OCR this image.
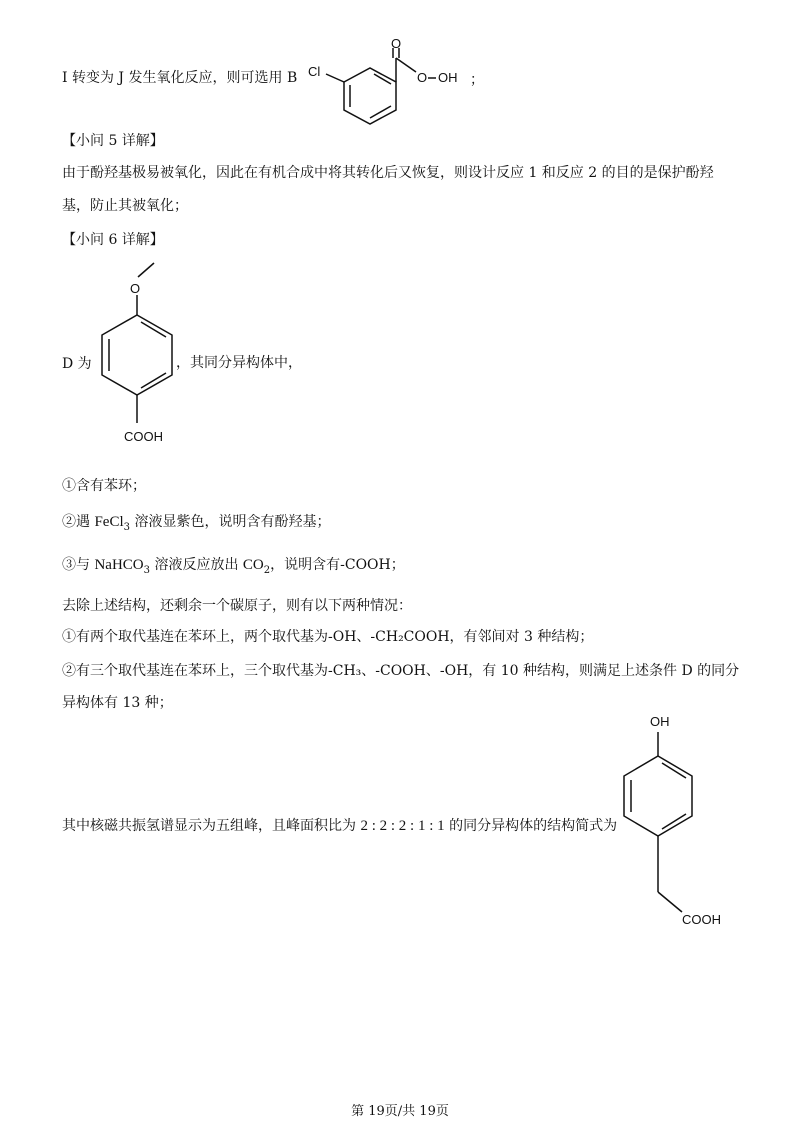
I 转变为 J 发生氧化反应，则可选用 B Cl
O
O OH ；
【小问 5 详解】
由于酚羟基极易被氧化，因此在有机合成中将其转化后又恢复，则设计反应 1 和反应 2 的目的是保护酚羟
基，防止其被氧化；
【小问 6 详解】
D 为
O
COOH
，其同分异构体中，
①含有苯环；
②遇 FeCl$_3$ 溶液显紫色，说明含有酚羟基；
③与 NaHCO$_3$ 溶液反应放出 $CO_2$，说明含有-COOH；
去除上述结构，还剩余一个碳原子，则有以下两种情况：
①有两个取代基连在苯环上，两个取代基为-OH、-CH₂COOH，有邻间对 3 种结构；
②有三个取代基连在苯环上，三个取代基为-CH₃、-COOH、-OH，有 10 种结构，则满足上述条件 D 的同分
异构体有 13 种；
其中核磁共振氢谱显示为五组峰，且峰面积比为 2 : 2 : 2 : 1 : 1 的同分异构体的结构简式为
OH
COOH
第 19页/共 19页
